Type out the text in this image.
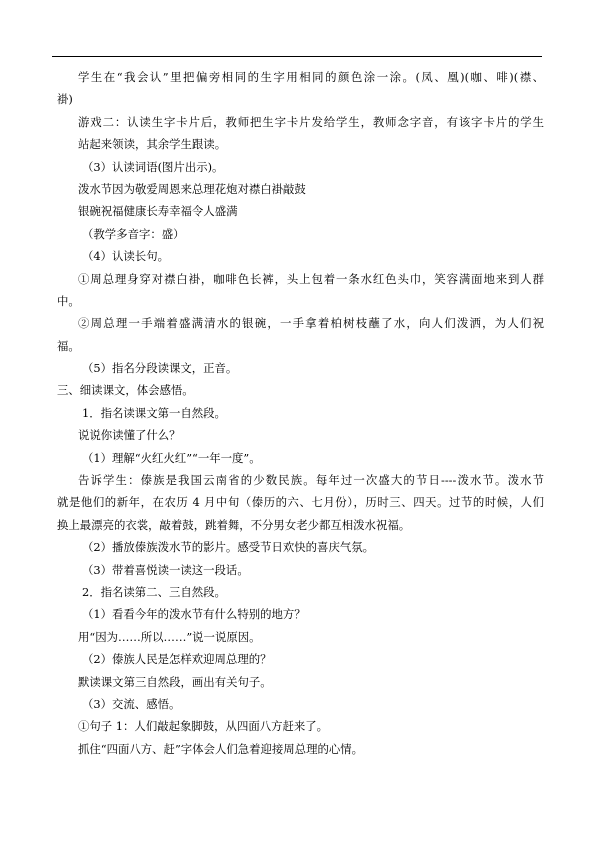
学生在“我会认”里把偏旁相同的生字用相同的颜色涂一涂。(凤、凰)(咖、啡)(襟、
褂)
游戏二：认读生字卡片后，教师把生字卡片发给学生，教师念字音，有该字卡片的学生
站起来领读，其余学生跟读。
（3）认读词语(图片出示)。
泼水节因为敬爱周恩来总理花炮对襟白褂敲鼓
银碗祝福健康长寿幸福令人盛满
（教学多音字：盛）
（4）认读长句。
①周总理身穿对襟白褂，咖啡色长裤，头上包着一条水红色头巾，笑容满面地来到人群
中。
②周总理一手端着盛满清水的银碗，一手拿着柏树枝蘸了水，向人们泼洒，为人们祝
福。
（5）指名分段读课文，正音。
三、细读课文，体会感悟。
1．指名读课文第一自然段。
说说你读懂了什么？
（1）理解“火红火红”“一年一度”。
告诉学生：傣族是我国云南省的少数民族。每年过一次盛大的节日----泼水节。泼水节
就是他们的新年，在农历 4 月中旬（傣历的六、七月份），历时三、四天。过节的时候，人们
换上最漂亮的衣裳，敲着鼓，跳着舞，不分男女老少都互相泼水祝福。
（2）播放傣族泼水节的影片。感受节日欢快的喜庆气氛。
（3）带着喜悦读一读这一段话。
2．指名读第二、三自然段。
（1）看看今年的泼水节有什么特别的地方？
用“因为……所以……”说一说原因。
（2）傣族人民是怎样欢迎周总理的？
默读课文第三自然段，画出有关句子。
（3）交流、感悟。
①句子 1：人们敲起象脚鼓，从四面八方赶来了。
抓住“四面八方、赶”字体会人们急着迎接周总理的心情。
